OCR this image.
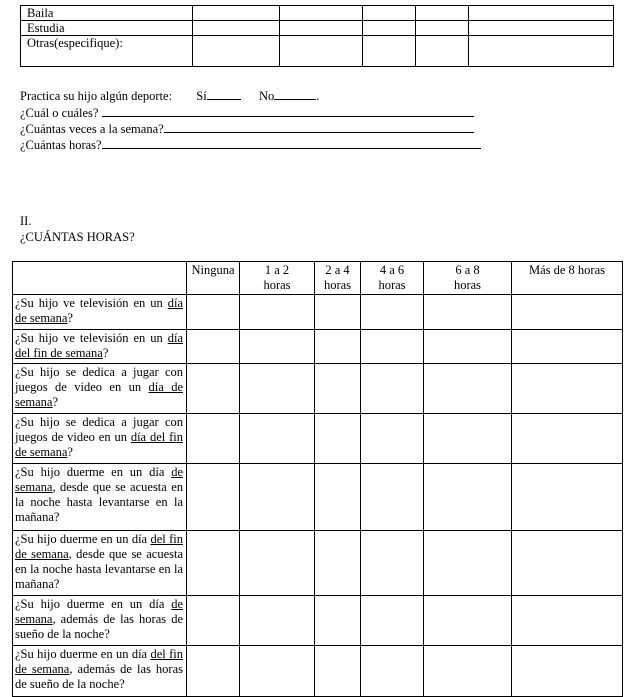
Baila					
Estudia					
Otras(especifique):					
Practica su hijo algún deporte: Sí	No	.
¿Cuál o cuáles?
¿Cuántas veces a la semana?
¿Cuántas horas?
II.
¿CUÁNTAS HORAS?
	Ninguna	1 a 2 horas	2 a 4 horas	4 a 6 horas	6 a 8 horas	Más de 8 horas
¿Su hijo ve televisión en un día de semana?						
¿Su hijo ve televisión en un día del fin de semana?						
¿Su hijo se dedica a jugar con juegos de video en un día de semana?						
¿Su hijo se dedica a jugar con juegos de video en un día del fin de semana?						
¿Su hijo duerme en un día de semana, desde que se acuesta en la noche hasta levantarse en la mañana?						
¿Su hijo duerme en un día del fin de semana, desde que se acuesta en la noche hasta levantarse en la mañana?						
¿Su hijo duerme en un día de semana, además de las horas de sueño de la noche?						
¿Su hijo duerme en un día del fin de semana, además de las horas de sueño de la noche?						
